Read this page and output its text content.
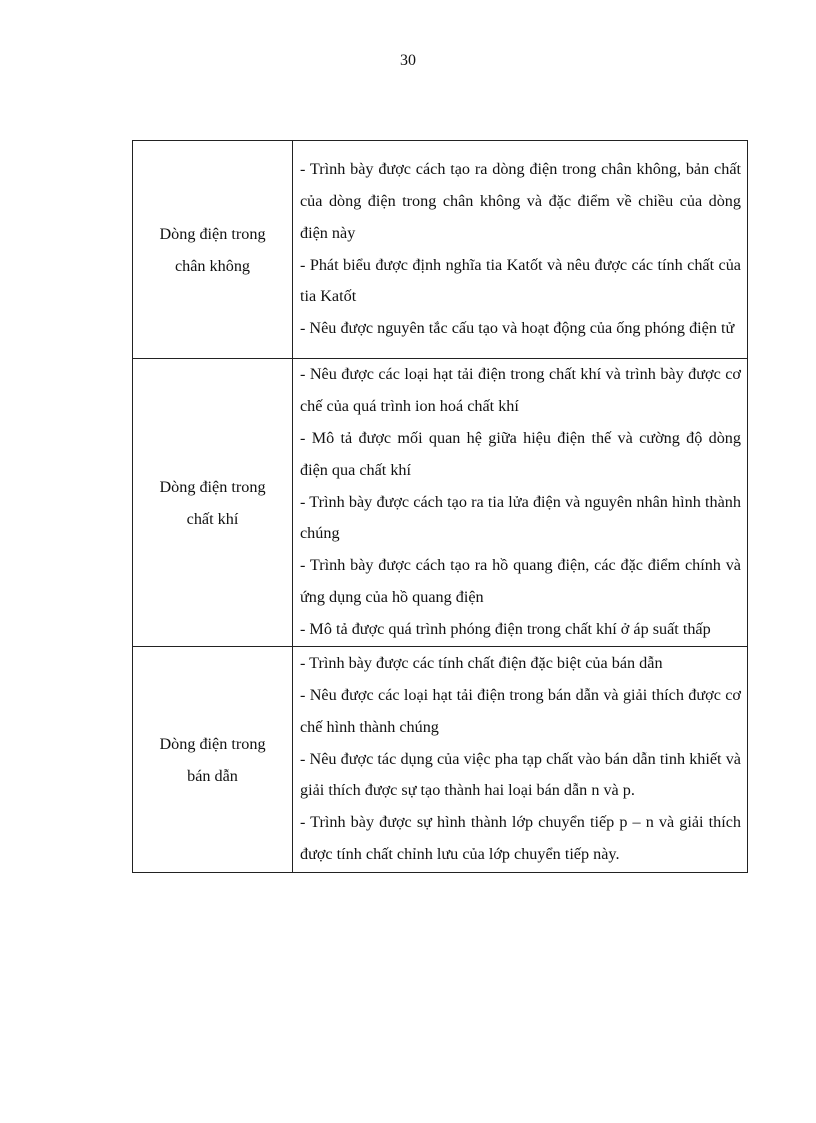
30
Dòng điện trong
chân không	- Trình bày được cách tạo ra dòng điện trong chân không, bản chất của dòng điện trong chân không và đặc điểm về chiều của dòng điện này
- Phát biểu được định nghĩa tia Katốt và nêu được các tính chất của tia Katốt
- Nêu được nguyên tắc cấu tạo và hoạt động của ống phóng điện tử

Dòng điện trong
chất khí	- Nêu được các loại hạt tải điện trong chất khí và trình bày được cơ chế của quá trình ion hoá chất khí
- Mô tả được mối quan hệ giữa hiệu điện thế và cường độ dòng điện qua chất khí
- Trình bày được cách tạo ra tia lửa điện và nguyên nhân hình thành chúng
- Trình bày được cách tạo ra hồ quang điện, các đặc điểm chính và ứng dụng của hồ quang điện
- Mô tả được quá trình phóng điện trong chất khí ở áp suất thấp

Dòng điện trong
bán dẫn	- Trình bày được các tính chất điện đặc biệt của bán dẫn
- Nêu được các loại hạt tải điện trong bán dẫn và giải thích được cơ chế hình thành chúng
- Nêu được tác dụng của việc pha tạp chất vào bán dẫn tinh khiết và giải thích được sự tạo thành hai loại bán dẫn n và p.
- Trình bày được sự hình thành lớp chuyển tiếp p – n và giải thích được tính chất chỉnh lưu của lớp chuyển tiếp này.
